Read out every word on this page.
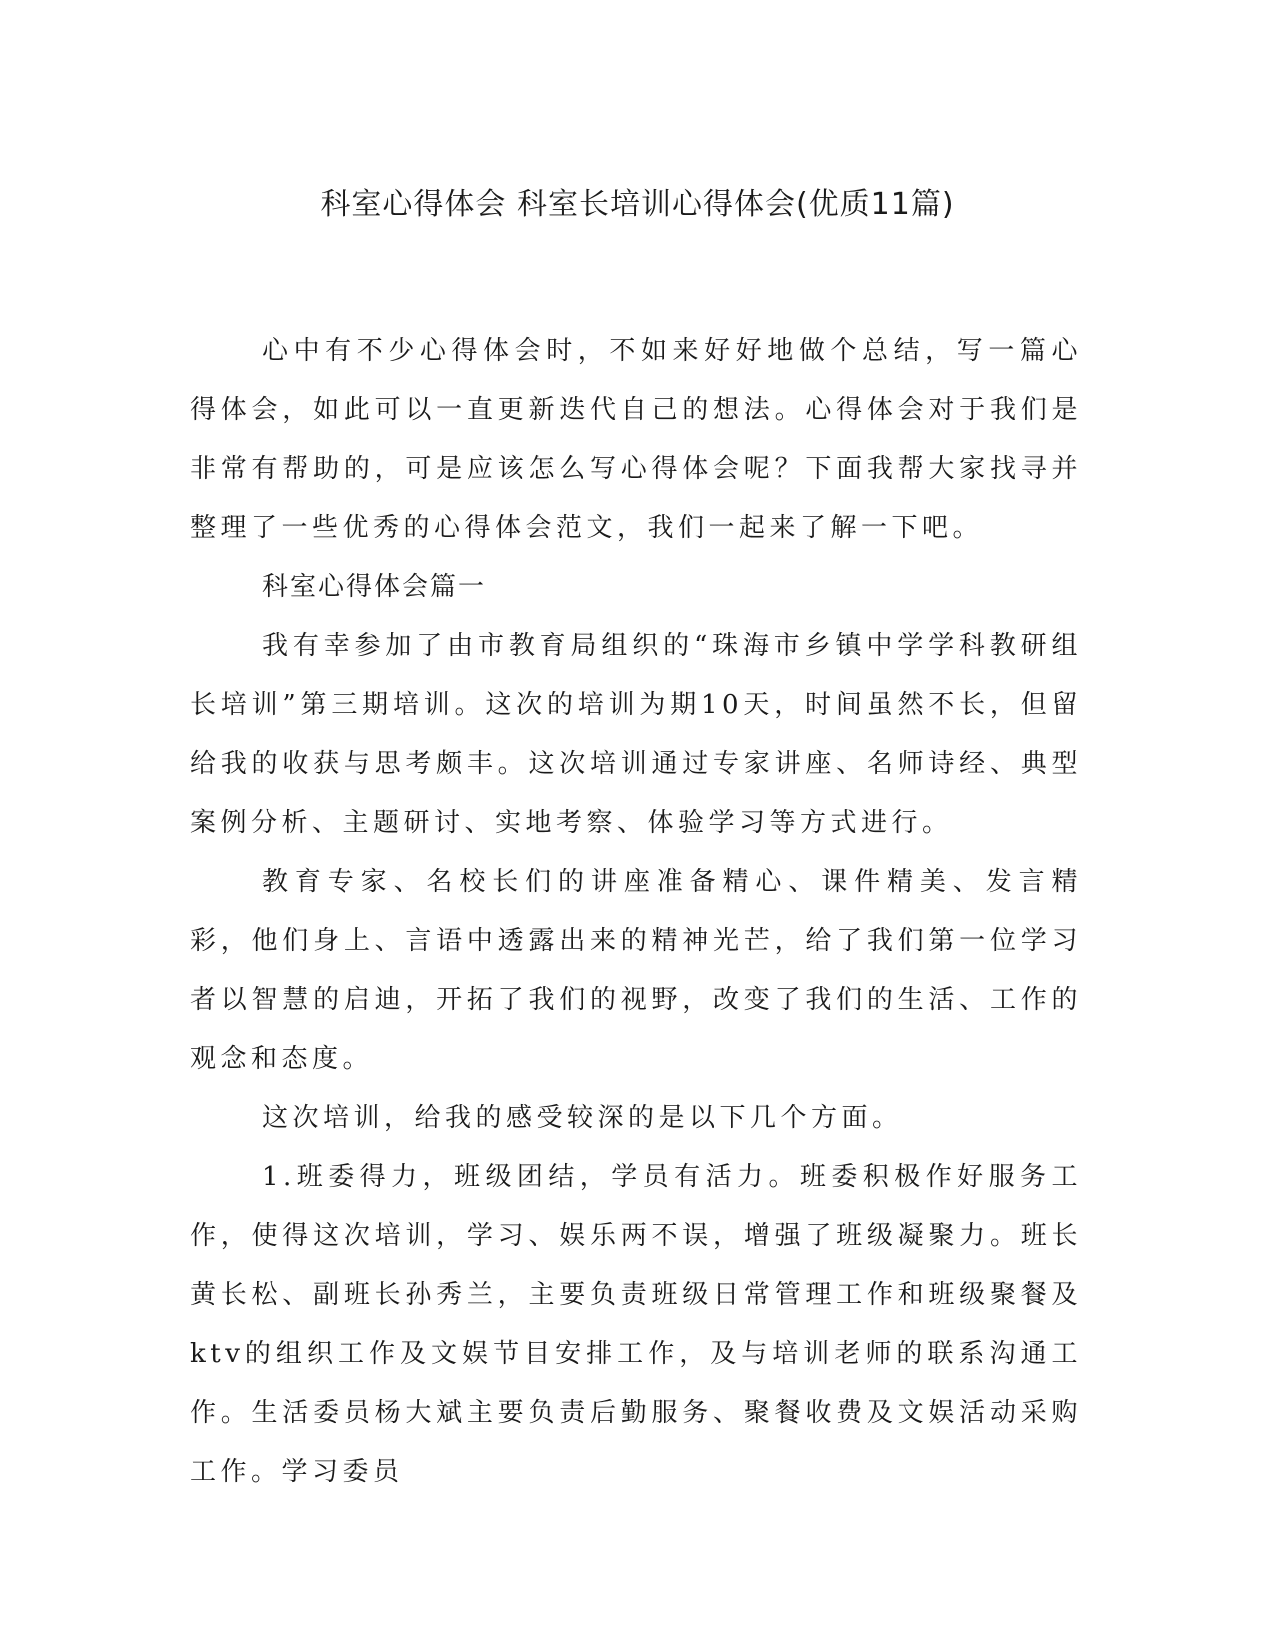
科室心得体会 科室长培训心得体会(优质11篇)

心中有不少心得体会时，不如来好好地做个总结，写一篇心得体会，如此可以一直更新迭代自己的想法。心得体会对于我们是非常有帮助的，可是应该怎么写心得体会呢？下面我帮大家找寻并整理了一些优秀的心得体会范文，我们一起来了解一下吧。

科室心得体会篇一

我有幸参加了由市教育局组织的“珠海市乡镇中学学科教研组长培训”第三期培训。这次的培训为期10天，时间虽然不长，但留给我的收获与思考颇丰。这次培训通过专家讲座、名师诗经、典型案例分析、主题研讨、实地考察、体验学习等方式进行。

教育专家、名校长们的讲座准备精心、课件精美、发言精彩，他们身上、言语中透露出来的精神光芒，给了我们第一位学习者以智慧的启迪，开拓了我们的视野，改变了我们的生活、工作的观念和态度。

这次培训，给我的感受较深的是以下几个方面。

1.班委得力，班级团结，学员有活力。班委积极作好服务工作，使得这次培训，学习、娱乐两不误，增强了班级凝聚力。班长黄长松、副班长孙秀兰，主要负责班级日常管理工作和班级聚餐及ktv的组织工作及文娱节目安排工作，及与培训老师的联系沟通工作。生活委员杨大斌主要负责后勤服务、聚餐收费及文娱活动采购工作。学习委员
